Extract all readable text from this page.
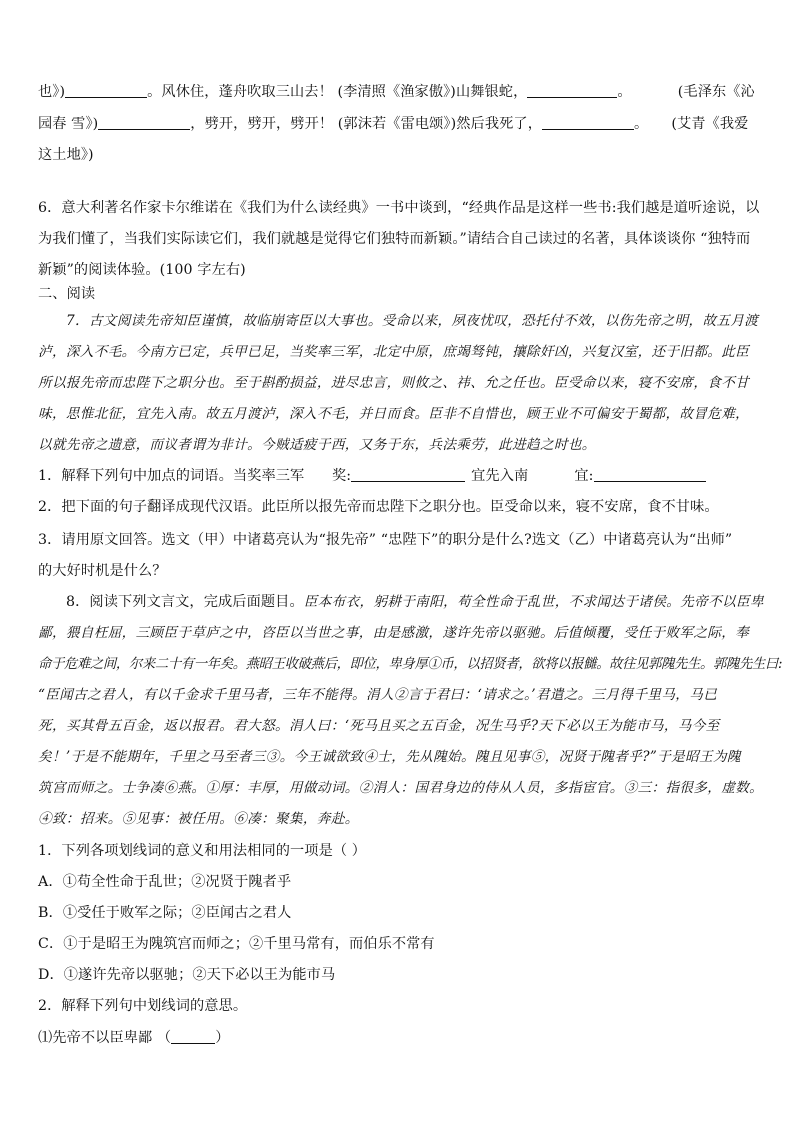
也》)	。风休住，蓬舟吹取三山去！ (李清照《渔家傲》)山舞银蛇，	。          (毛泽东《沁
园春 雪》)	，劈开，劈开，劈开！ (郭沫若《雷电颂》)然后我死了，	。     (艾青《我爱
这土地》)
6．意大利著名作家卡尔维诺在《我们为什么读经典》一书中谈到，“经典作品是这样一些书:我们越是道听途说，以
为我们懂了，当我们实际读它们，我们就越是觉得它们独特而新颖。”请结合自己读过的名著，具体谈谈你 “独特而
新颖”的阅读体验。(100 字左右)
二、阅读
7．古文阅读先帝知臣谨慎，故临崩寄臣以大事也。受命以来，夙夜忧叹，恐托付不效，以伤先帝之明，故五月渡
泸，深入不毛。今南方已定，兵甲已足，当奖率三军，北定中原，庶竭驽钝，攘除奸凶，兴复汉室，还于旧都。此臣
所以报先帝而忠陛下之职分也。至于斟酌损益，进尽忠言，则攸之、祎、允之任也。臣受命以来，寝不安席，食不甘
味，思惟北征，宜先入南。故五月渡泸，深入不毛，并日而食。臣非不自惜也，顾王业不可偏安于蜀都，故冒危难，
以就先帝之遗意，而议者谓为非计。今贼适疲于西，又务于东，兵法乘劳，此进趋之时也。
1．解释下列句中加点的词语。当奖率三军      奖:	宜先入南          宜:
2．把下面的句子翻译成现代汉语。此臣所以报先帝而忠陛下之职分也。臣受命以来，寝不安席，食不甘味。
3．请用原文回答。选文（甲）中诸葛亮认为“报先帝” “忠陛下”的职分是什么?选文（乙）中诸葛亮认为“出师”
的大好时机是什么？
8．阅读下列文言文，完成后面题目。臣本布衣，躬耕于南阳，苟全性命于乱世，不求闻达于诸侯。先帝不以臣卑
鄙，猥自枉屈，三顾臣于草庐之中，咨臣以当世之事，由是感激，遂许先帝以驱驰。后值倾覆，受任于败军之际，奉
命于危难之间，尔来二十有一年矣。燕昭王收破燕后，即位，卑身厚①币，以招贤者，欲将以报雠。故往见郭隗先生。郭隗先生曰:
“臣闻古之君人，有以千金求千里马者，三年不能得。涓人②言于君曰：‘请求之。’君遣之。三月得千里马，马已
死，买其骨五百金，返以报君。君大怒。涓人曰：‘死马且买之五百金，况生马乎?天下必以王为能市马，马今至
矣！’于是不能期年，千里之马至者三③。今王诚欲致④士，先从隗始。隗且见事⑤，况贤于隗者乎?”于是昭王为隗
筑宫而师之。士争凑⑥燕。①厚：丰厚，用做动词。②涓人：国君身边的侍从人员，多指宦官。③三：指很多，虚数。
④致：招来。⑤见事：被任用。⑥凑：聚集，奔赴。
1．下列各项划线词的意义和用法相同的一项是（ ）
A．①苟全性命于乱世；②况贤于隗者乎
B．①受任于败军之际；②臣闻古之君人
C．①于是昭王为隗筑宫而师之；②千里马常有，而伯乐不常有
D．①遂许先帝以驱驰；②天下必以王为能市马
2．解释下列句中划线词的意思。
⑴先帝不以臣卑鄙 （	）
